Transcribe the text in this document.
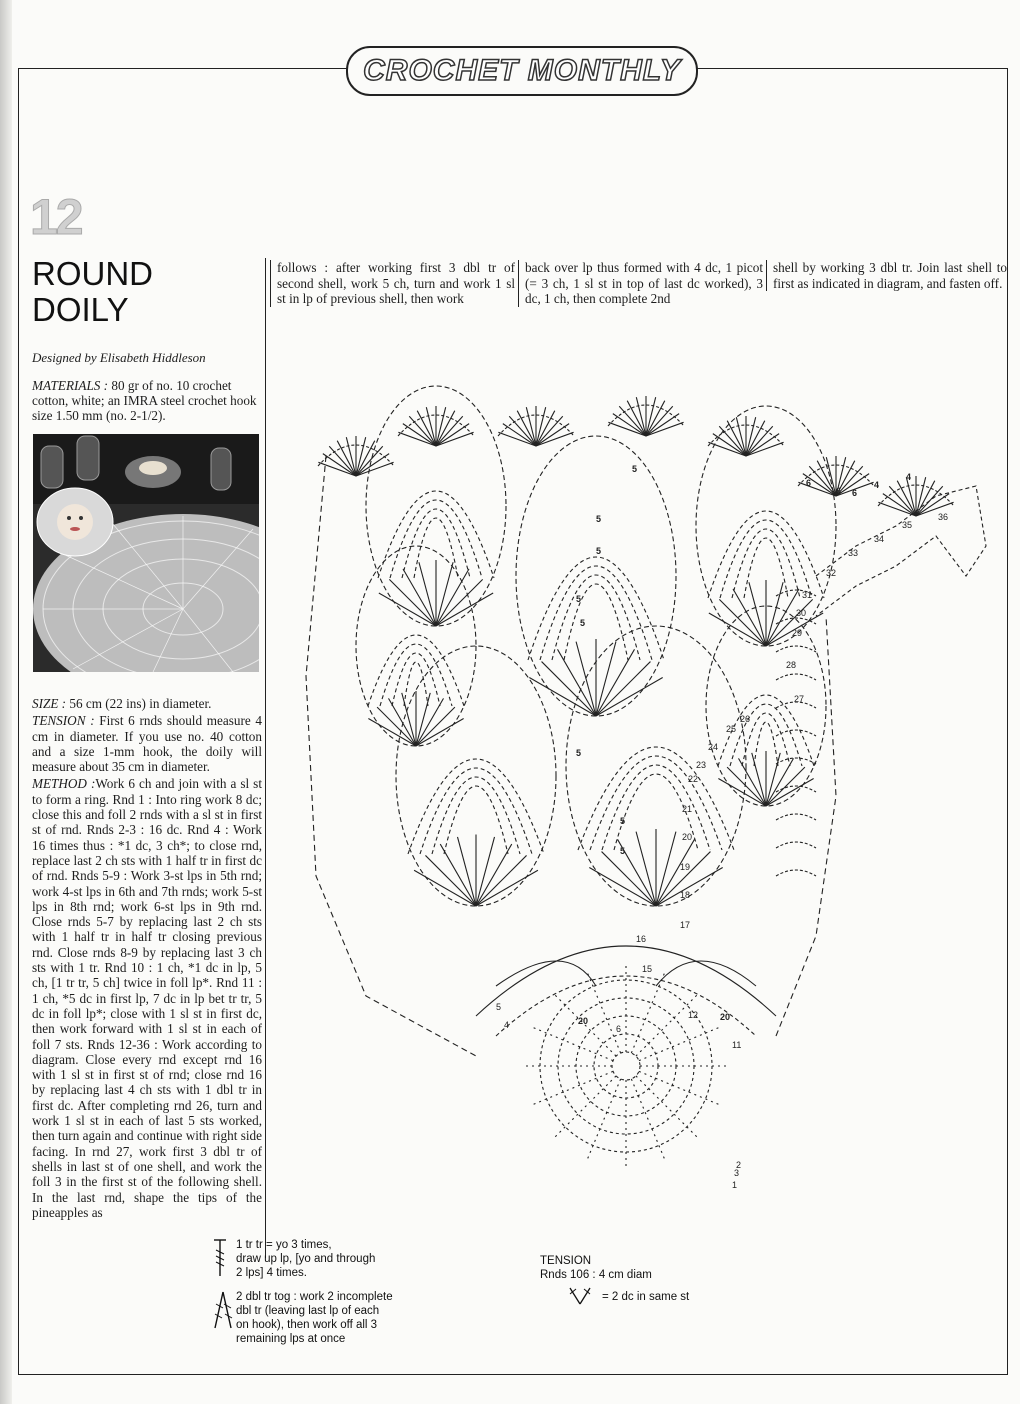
CROCHET MONTHLY
12
ROUND
DOILY
Designed by Elisabeth Hiddleson
MATERIALS : 80 gr of no. 10 crochet cotton, white; an IMRA steel crochet hook size 1.50 mm (no. 2-1/2).

SIZE : 56 cm (22 ins) in diameter.

TENSION : First 6 rnds should measure 4 cm in diameter. If you use no. 40 cotton and a size 1-mm hook, the doily will measure about 35 cm in diameter.

METHOD :Work 6 ch and join with a sl st to form a ring. Rnd 1 : Into ring work 8 dc; close this and foll 2 rnds with a sl st in first st of rnd. Rnds 2-3 : 16 dc. Rnd 4 : Work 16 times thus : *1 dc, 3 ch*; to close rnd, replace last 2 ch sts with 1 half tr in first dc of rnd. Rnds 5-9 : Work 3-st lps in 5th rnd; work 4-st lps in 6th and 7th rnds; work 5-st lps in 8th rnd; work 6-st lps in 9th rnd. Close rnds 5-7 by replacing last 2 ch sts with 1 half tr in half tr closing previous rnd. Close rnds 8-9 by replacing last 3 ch sts with 1 tr. Rnd 10 : 1 ch, *1 dc in lp, 5 ch, [1 tr tr, 5 ch] twice in foll lp*. Rnd 11 : 1 ch, *5 dc in first lp, 7 dc in lp bet tr tr, 5 dc in foll lp*; close with 1 sl st in first dc, then work forward with 1 sl st in each of foll 7 sts. Rnds 12-36 : Work according to diagram. Close every rnd except rnd 16 with 1 sl st in first st of rnd; close rnd 16 by replacing last 4 ch sts with 1 dbl tr in first dc. After completing rnd 26, turn and work 1 sl st in each of last 5 sts worked, then turn again and continue with right side facing. In rnd 27, work first 3 dbl tr of shells in last st of one shell, and work the foll 3 in the first st of the following shell. In the last rnd, shape the tips of the pineapples as

follows : after working first 3 dbl tr of second shell, work 5 ch, turn and work 1 sl st in lp of previous shell, then work
back over lp thus formed with 4 dc, 1 picot (= 3 ch, 1 sl st in top of last dc worked), 3 dc, 1 ch, then complete 2nd
shell by working 3 dbl tr. Join last shell to first as indicated in diagram, and fasten off.
1
2
3
4
5
6
11
12
15
16
17
18
19
20
21
22
23
24
25
26
27
28
29
30
31
32
33
34
35
36
5
5
5
5
5
5
5
5
6
6 6
4
4
20	20
1 tr tr = yo 3 times,
draw up lp, [yo and through
2 lps] 4 times.
2 dbl tr tog : work 2 incomplete
dbl tr (leaving last lp of each
on hook), then work off all 3
remaining lps at once
TENSION
Rnds 106 : 4 cm diam
= 2 dc in same st
